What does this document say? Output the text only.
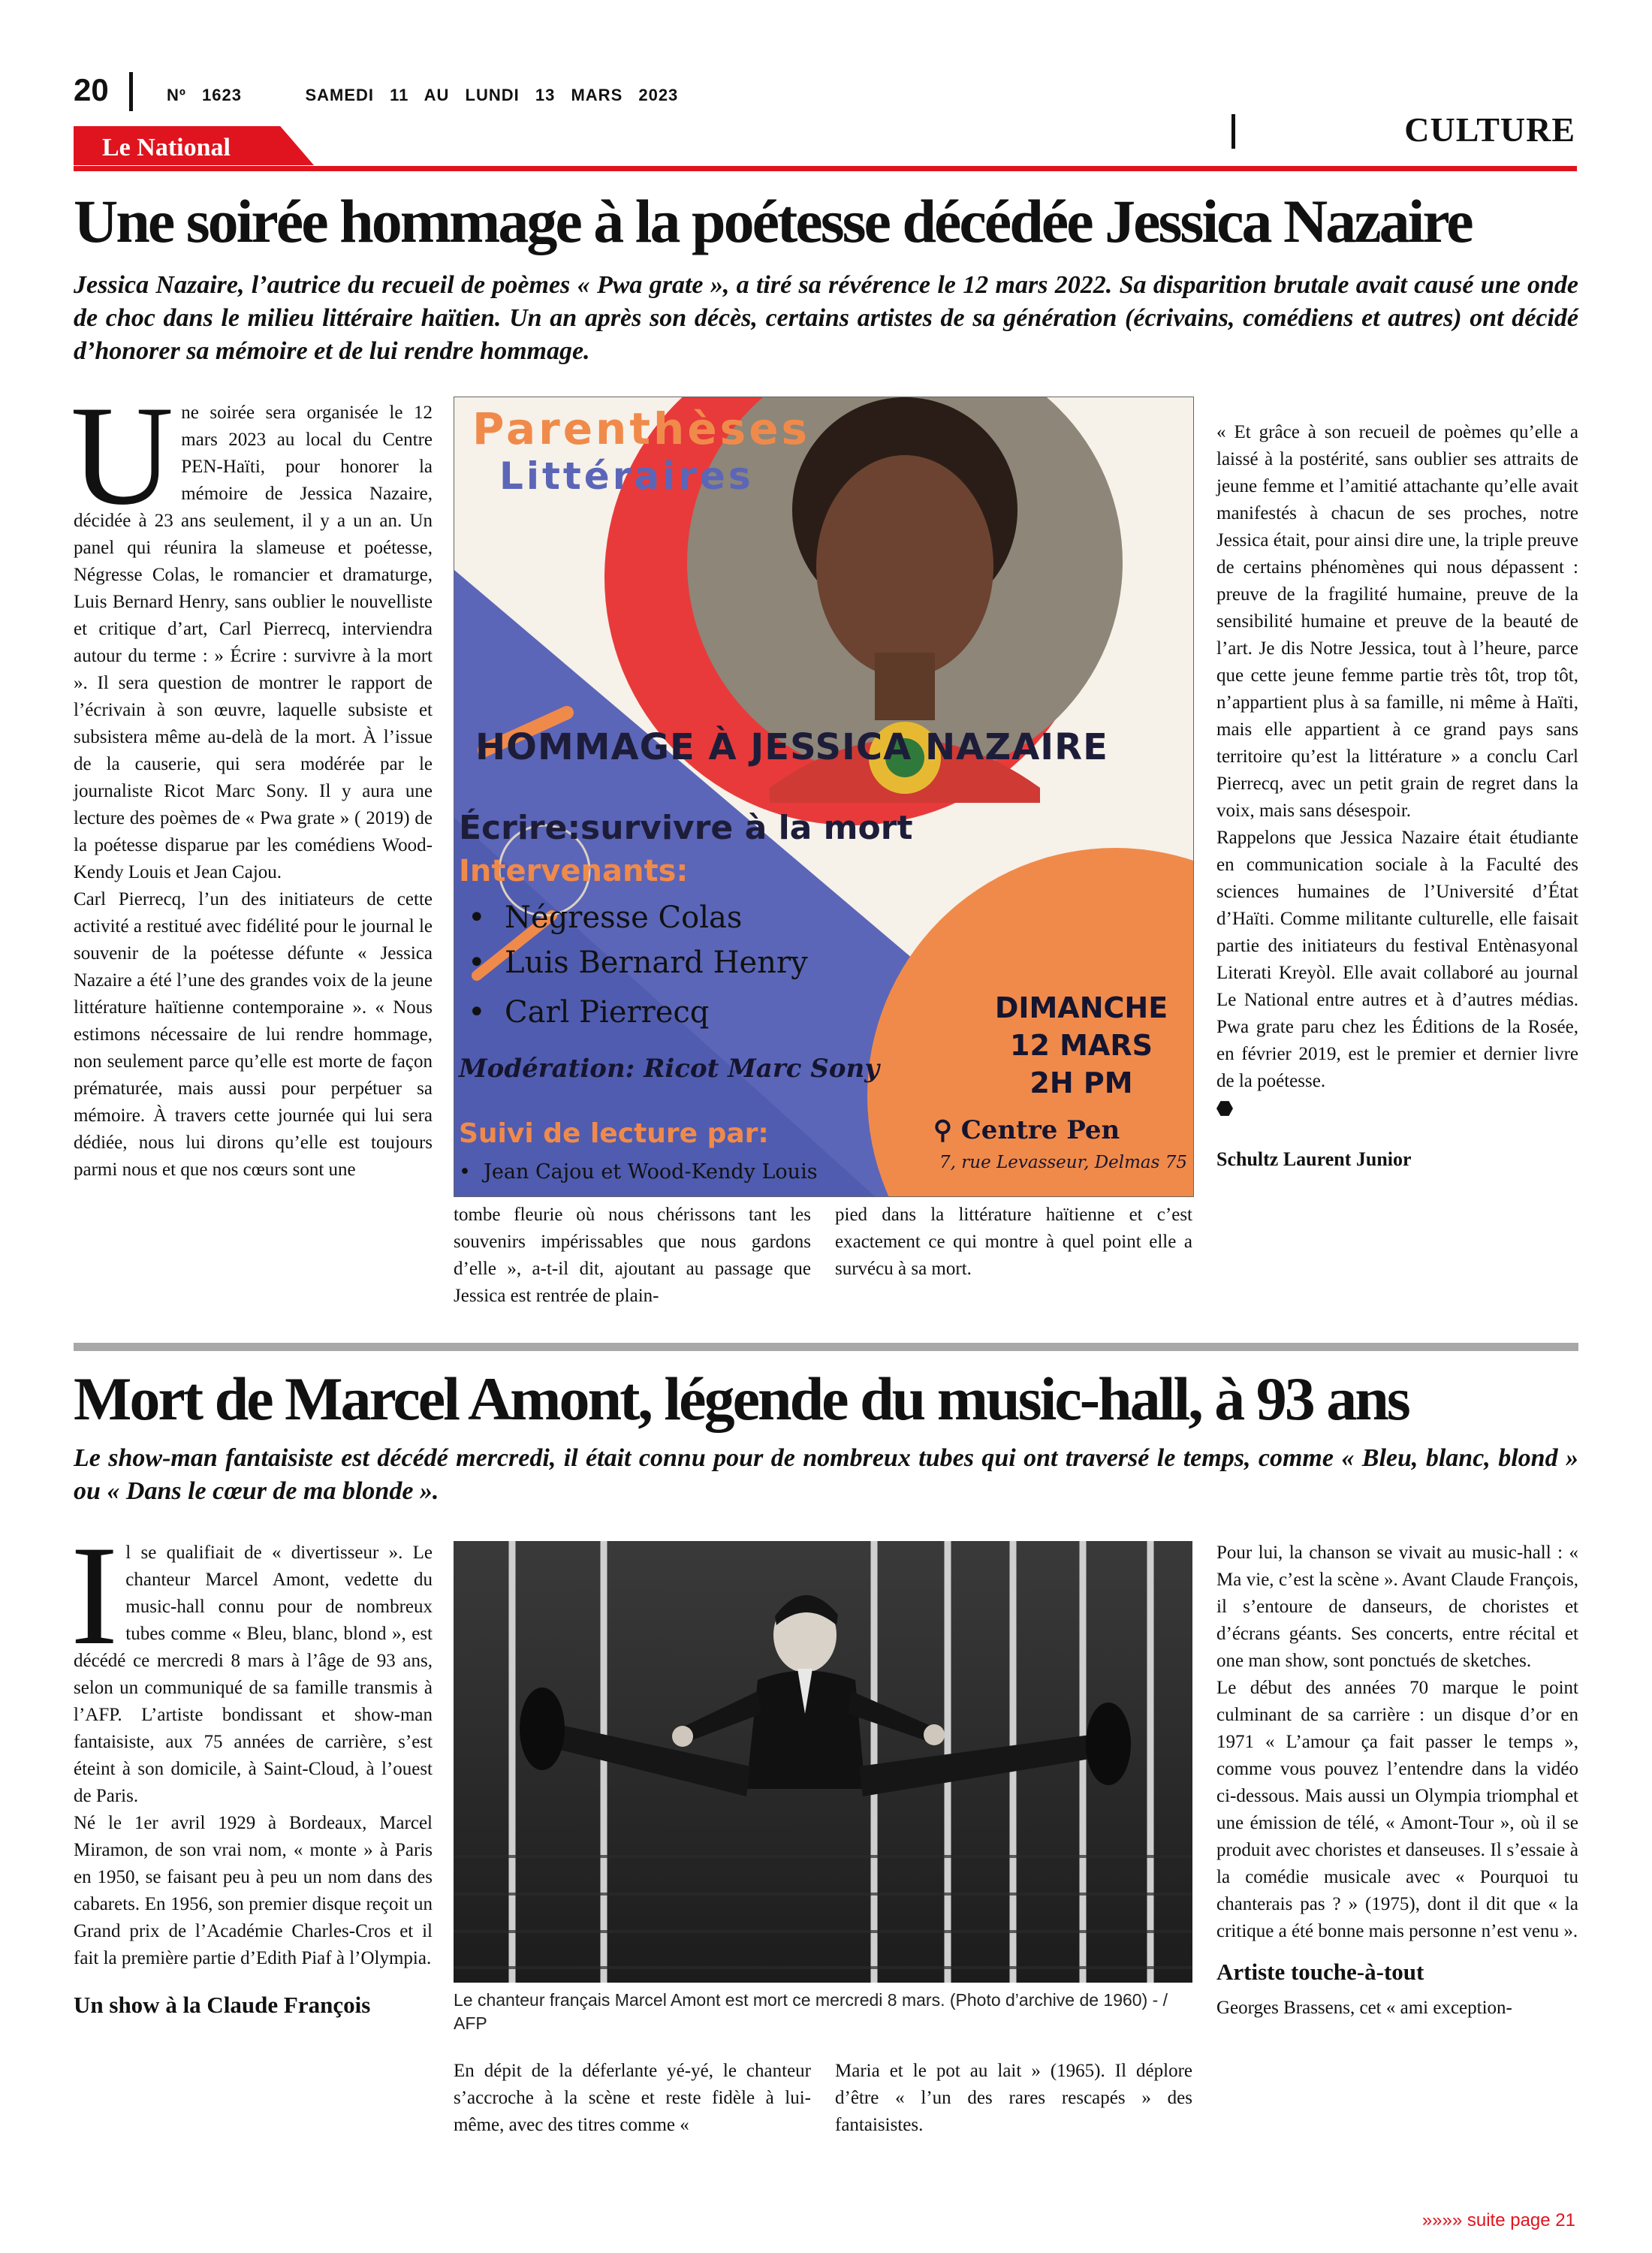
20	Nº 1623	SAMEDI 11 AU LUNDI 13 MARS 2023
CULTURE
Le National
Une soirée hommage à la poétesse décédée Jessica Nazaire
Jessica Nazaire, l’autrice du recueil de poèmes « Pwa grate », a tiré sa révérence le 12 mars 2022. Sa disparition brutale avait causé une onde de choc dans le milieu littéraire haïtien. Un an après son décès, certains artistes de sa génération (écrivains, comédiens et autres) ont décidé d’honorer sa mémoire et de lui rendre hommage.

Une soirée sera organisée le 12 mars 2023 au local du Centre PEN-Haïti, pour honorer la mémoire de Jessica Nazaire, décidée à 23 ans seulement, il y a un an. Un panel qui réunira la slameuse et poétesse, Négresse Colas, le romancier et dramaturge, Luis Bernard Henry, sans oublier le nouvelliste et critique d’art, Carl Pierrecq, interviendra autour du terme : » Écrire : survivre à la mort ». Il sera question de montrer le rapport de l’écrivain à son œuvre, laquelle subsiste et subsistera même au-delà de la mort. À l’issue de la causerie, qui sera modérée par le journaliste Ricot Marc Sony. Il y aura une lecture des poèmes de « Pwa grate » ( 2019) de la poétesse disparue par les comédiens Wood-Kendy Louis et Jean Cajou.

Carl Pierrecq, l’un des initiateurs de cette activité a restitué avec fidélité pour le journal le souvenir de la poétesse défunte « Jessica Nazaire a été l’une des grandes voix de la jeune littérature haïtienne contemporaine ». « Nous estimons nécessaire de lui rendre hommage, non seulement parce qu’elle est morte de façon prématurée, mais aussi pour perpétuer sa mémoire. À travers cette journée qui lui sera dédiée, nous lui dirons qu’elle est toujours parmi nous et que nos cœurs sont une

Parenthèses
Littéraires
HOMMAGE À JESSICA NAZAIRE
Écrire:survivre à la mort
Intervenants:
•  Négresse Colas
•  Luis Bernard Henry
•  Carl Pierrecq
Modération: Ricot Marc Sony
Suivi de lecture par:
•  Jean Cajou et Wood-Kendy Louis
DIMANCHE
12 MARS
2H PM
⚲ Centre Pen
7, rue Levasseur, Delmas 75

tombe fleurie où nous chérissons tant les souvenirs impérissables que nous gardons d’elle », a-t-il dit, ajoutant au passage que Jessica est rentrée de plain-

pied dans la littérature haïtienne et c’est exactement ce qui montre à quel point elle a survécu à sa mort.

« Et grâce à son recueil de poèmes qu’elle a laissé à la postérité, sans oublier ses attraits de jeune femme et l’amitié attachante qu’elle avait manifestés à chacun de ses proches, notre Jessica était, pour ainsi dire une, la triple preuve de certains phénomènes qui nous dépassent : preuve de la fragilité humaine, preuve de la sensibilité humaine et preuve de la beauté de l’art. Je dis Notre Jessica, tout à l’heure, parce que cette jeune femme partie très tôt, trop tôt, n’appartient plus à sa famille, ni même à Haïti, mais elle appartient à ce grand pays sans territoire qu’est la littérature » a conclu Carl Pierrecq, avec un petit grain de regret dans la voix, mais sans désespoir.

Rappelons que Jessica Nazaire était étudiante en communication sociale à la Faculté des sciences humaines de l’Université d’État d’Haïti. Comme militante culturelle, elle faisait partie des initiateurs du festival Entènasyonal Literati Kreyòl. Elle avait collaboré au journal Le National entre autres et à d’autres médias. Pwa grate paru chez les Éditions de la Rosée, en février 2019, est le premier et dernier livre de la poétesse.

Schultz Laurent Junior

Mort de Marcel Amont, légende du music-hall, à 93 ans
Le show-man fantaisiste est décédé mercredi, il était connu pour de nombreux tubes qui ont traversé le temps, comme « Bleu, blanc, blond » ou « Dans le cœur de ma blonde ».

Il se qualifiait de « divertisseur ». Le chanteur Marcel Amont, vedette du music-hall connu pour de nombreux tubes comme « Bleu, blanc, blond », est décédé ce mercredi 8 mars à l’âge de 93 ans, selon un communiqué de sa famille transmis à l’AFP. L’artiste bondissant et show-man fantaisiste, aux 75 années de carrière, s’est éteint à son domicile, à Saint-Cloud, à l’ouest de Paris.

Né le 1er avril 1929 à Bordeaux, Marcel Miramon, de son vrai nom, « monte » à Paris en 1950, se faisant peu à peu un nom dans des cabarets. En 1956, son premier disque reçoit un Grand prix de l’Académie Charles-Cros et il fait la première partie d’Edith Piaf à l’Olympia.

Un show à la Claude François	Le chanteur français Marcel Amont est mort ce mercredi 8 mars. (Photo d’archive de 1960) - / AFP

En dépit de la déferlante yé-yé, le chanteur s’accroche à la scène et reste fidèle à lui-même, avec des titres comme «

Maria et le pot au lait » (1965). Il déplore d’être « l’un des rares rescapés » des fantaisistes.

Pour lui, la chanson se vivait au music-hall : « Ma vie, c’est la scène ». Avant Claude François, il s’entoure de danseurs, de choristes et d’écrans géants. Ses concerts, entre récital et one man show, sont ponctués de sketches.

Le début des années 70 marque le point culminant de sa carrière : un disque d’or en 1971 « L’amour ça fait passer le temps », comme vous pouvez l’entendre dans la vidéo ci-dessous. Mais aussi un Olympia triomphal et une émission de télé, « Amont-Tour », où il se produit avec choristes et danseuses. Il s’essaie à la comédie musicale avec « Pourquoi tu chanterais pas ? » (1975), dont il dit que « la critique a été bonne mais personne n’est venu ».

Artiste touche-à-tout

Georges Brassens, cet « ami exception-

»»»» suite page 21
